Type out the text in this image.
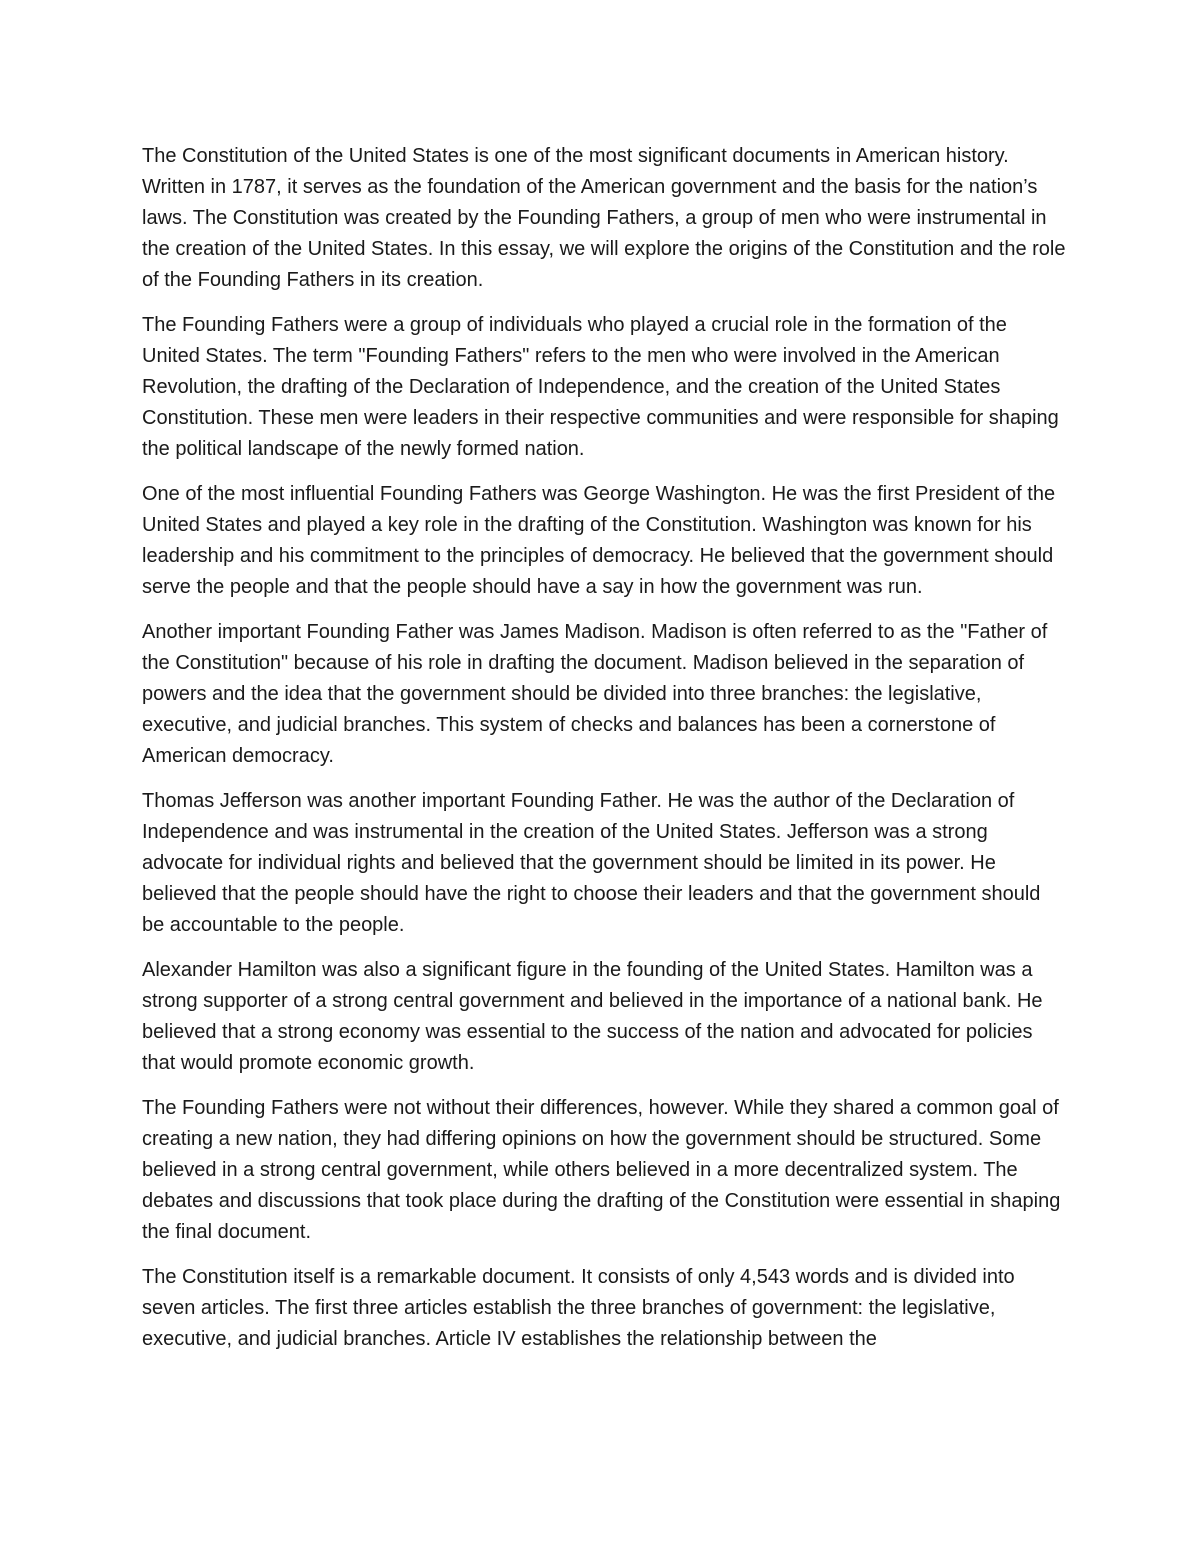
The Constitution of the United States is one of the most significant documents in American history. Written in 1787, it serves as the foundation of the American government and the basis for the nation’s laws. The Constitution was created by the Founding Fathers, a group of men who were instrumental in the creation of the United States. In this essay, we will explore the origins of the Constitution and the role of the Founding Fathers in its creation.

The Founding Fathers were a group of individuals who played a crucial role in the formation of the United States. The term "Founding Fathers" refers to the men who were involved in the American Revolution, the drafting of the Declaration of Independence, and the creation of the United States Constitution. These men were leaders in their respective communities and were responsible for shaping the political landscape of the newly formed nation.

One of the most influential Founding Fathers was George Washington. He was the first President of the United States and played a key role in the drafting of the Constitution. Washington was known for his leadership and his commitment to the principles of democracy. He believed that the government should serve the people and that the people should have a say in how the government was run.

Another important Founding Father was James Madison. Madison is often referred to as the "Father of the Constitution" because of his role in drafting the document. Madison believed in the separation of powers and the idea that the government should be divided into three branches: the legislative, executive, and judicial branches. This system of checks and balances has been a cornerstone of American democracy.

Thomas Jefferson was another important Founding Father. He was the author of the Declaration of Independence and was instrumental in the creation of the United States. Jefferson was a strong advocate for individual rights and believed that the government should be limited in its power. He believed that the people should have the right to choose their leaders and that the government should be accountable to the people.

Alexander Hamilton was also a significant figure in the founding of the United States. Hamilton was a strong supporter of a strong central government and believed in the importance of a national bank. He believed that a strong economy was essential to the success of the nation and advocated for policies that would promote economic growth.

The Founding Fathers were not without their differences, however. While they shared a common goal of creating a new nation, they had differing opinions on how the government should be structured. Some believed in a strong central government, while others believed in a more decentralized system. The debates and discussions that took place during the drafting of the Constitution were essential in shaping the final document.

The Constitution itself is a remarkable document. It consists of only 4,543 words and is divided into seven articles. The first three articles establish the three branches of government: the legislative, executive, and judicial branches. Article IV establishes the relationship between the
